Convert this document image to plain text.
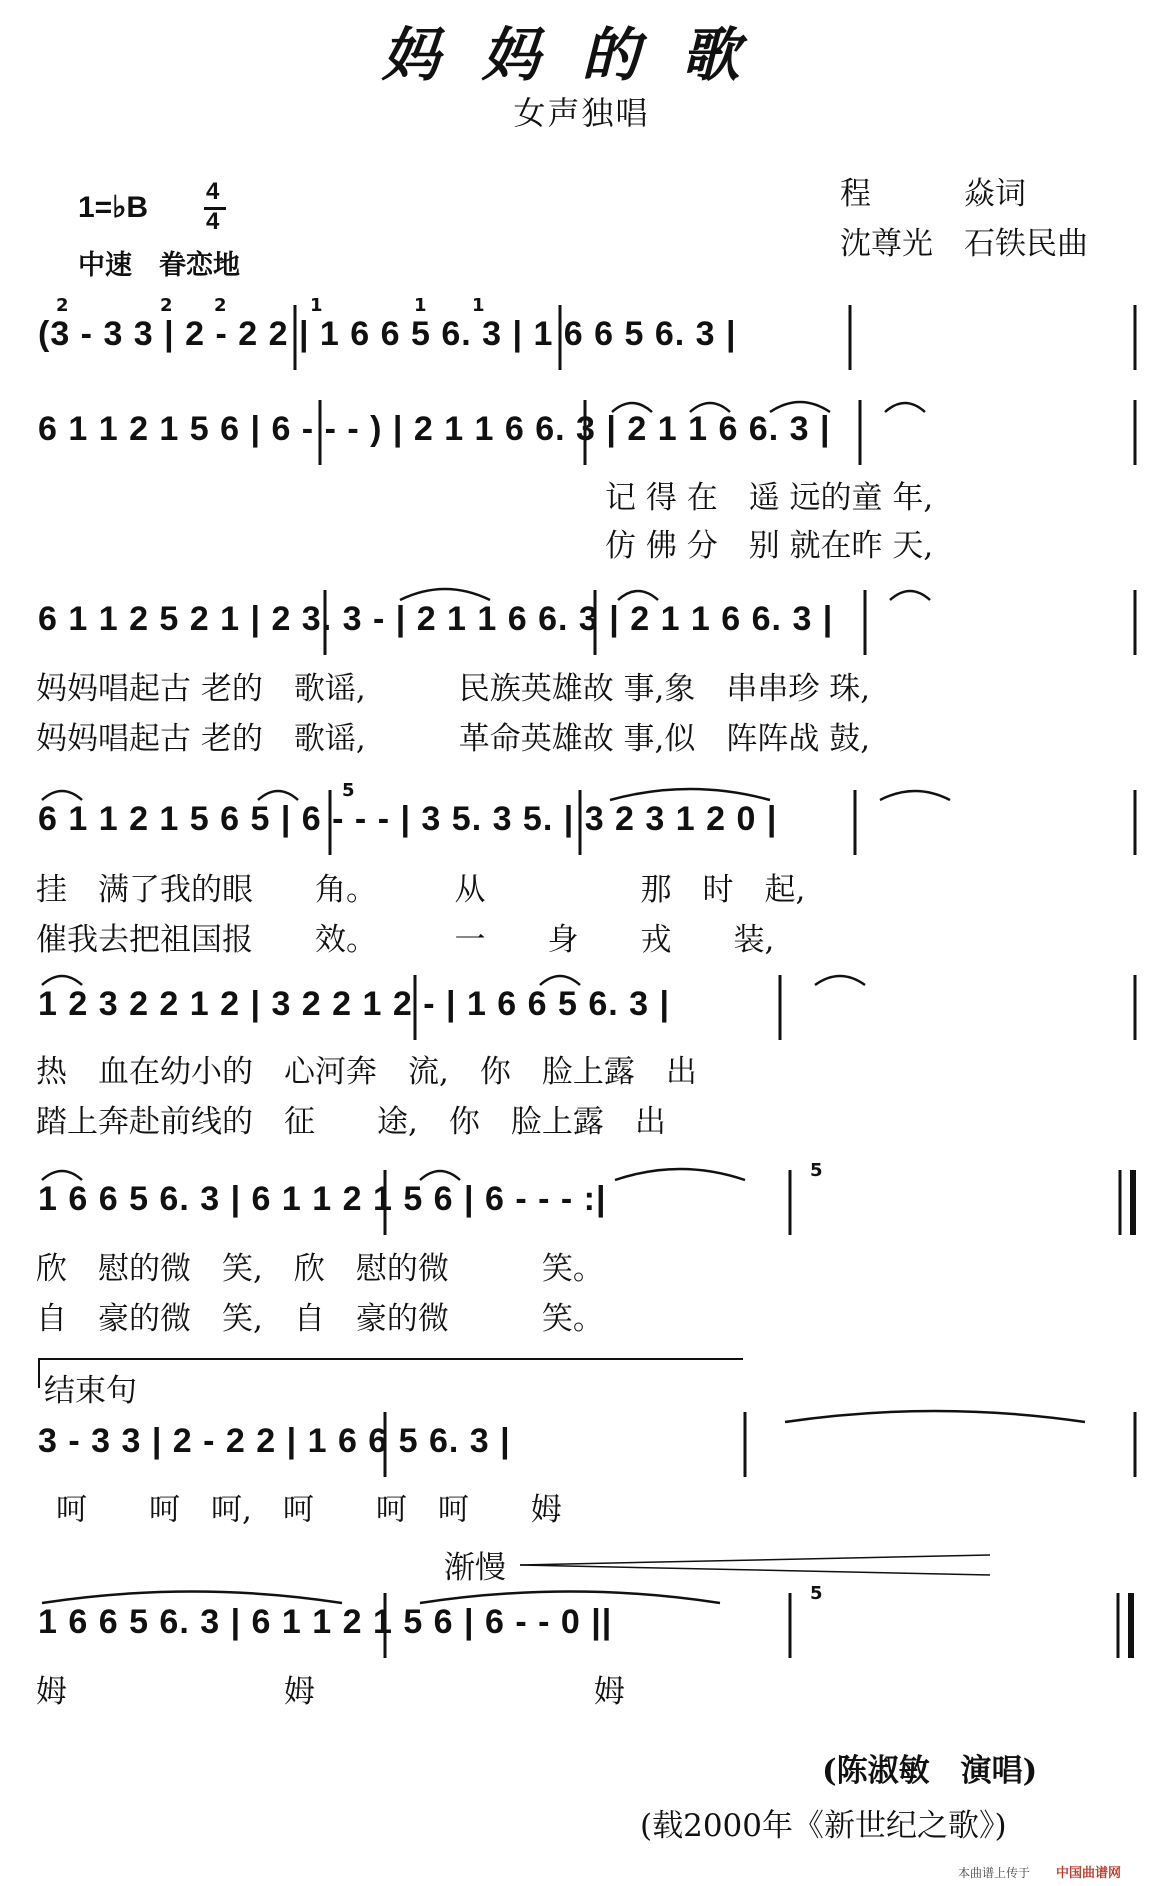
妈妈的歌
女声独唱
程　　　焱词
沈尊光　石铁民曲
1=♭B 4
4
中速　眷恋地
(3 - 3 3 | 2 - 2 2 | 1 6 6 5 6. 3 | 1 6 6 5 6. 3 |
6 1 1 2 1 5 6 | 6 - - - ) | 2 1 1 6 6. 3 | 2 1 1 6 6. 3 |
记 得 在　遥 远的童 年,
仿 佛 分　别 就在昨 天,
6 1 1 2 5 2 1 | 2 3. 3 - | 2 1 1 6 6. 3 | 2 1 1 6 6. 3 |
妈妈唱起古 老的　歌谣,　　　民族英雄故 事,象　串串珍 珠,
妈妈唱起古 老的　歌谣,　　　革命英雄故 事,似　阵阵战 鼓,
6 1 1 2 1 5 6 5 | 6 - - - | 3 5. 3 5. | 3 2 3 1 2 0 |
挂　满了我的眼　　角。　　　从　　　　　那　时　起,
催我去把祖国报　　效。　　　一　　身　　戎　　装,
1 2 3 2 2 1 2 | 3 2 2 1 2 - | 1 6 6 5 6. 3 |
热　血在幼小的　心河奔　流,　你　脸上露　出
踏上奔赴前线的　征　　途,　你　脸上露　出
1 6 6 5 6. 3 | 6 1 1 2 1 5 6 | 6 - - - :|
欣　慰的微　笑,　欣　慰的微　　　笑。
自　豪的微　笑,　自　豪的微　　　笑。
结束句
3 - 3 3 | 2 - 2 2 | 1 6 6 5 6. 3 |
呵　　呵　呵,　呵　　呵　呵　　姆
渐慢
1 6 6 5 6. 3 | 6 1 1 2 1 5 6 | 6 - - 0 ||
姆　　　　　　　姆　　　　　　　　　姆
(陈淑敏　演唱)
(载2000年《新世纪之歌》)
本曲谱上传于 中国曲谱网
2	2 2	1	1	1
5
5
5
